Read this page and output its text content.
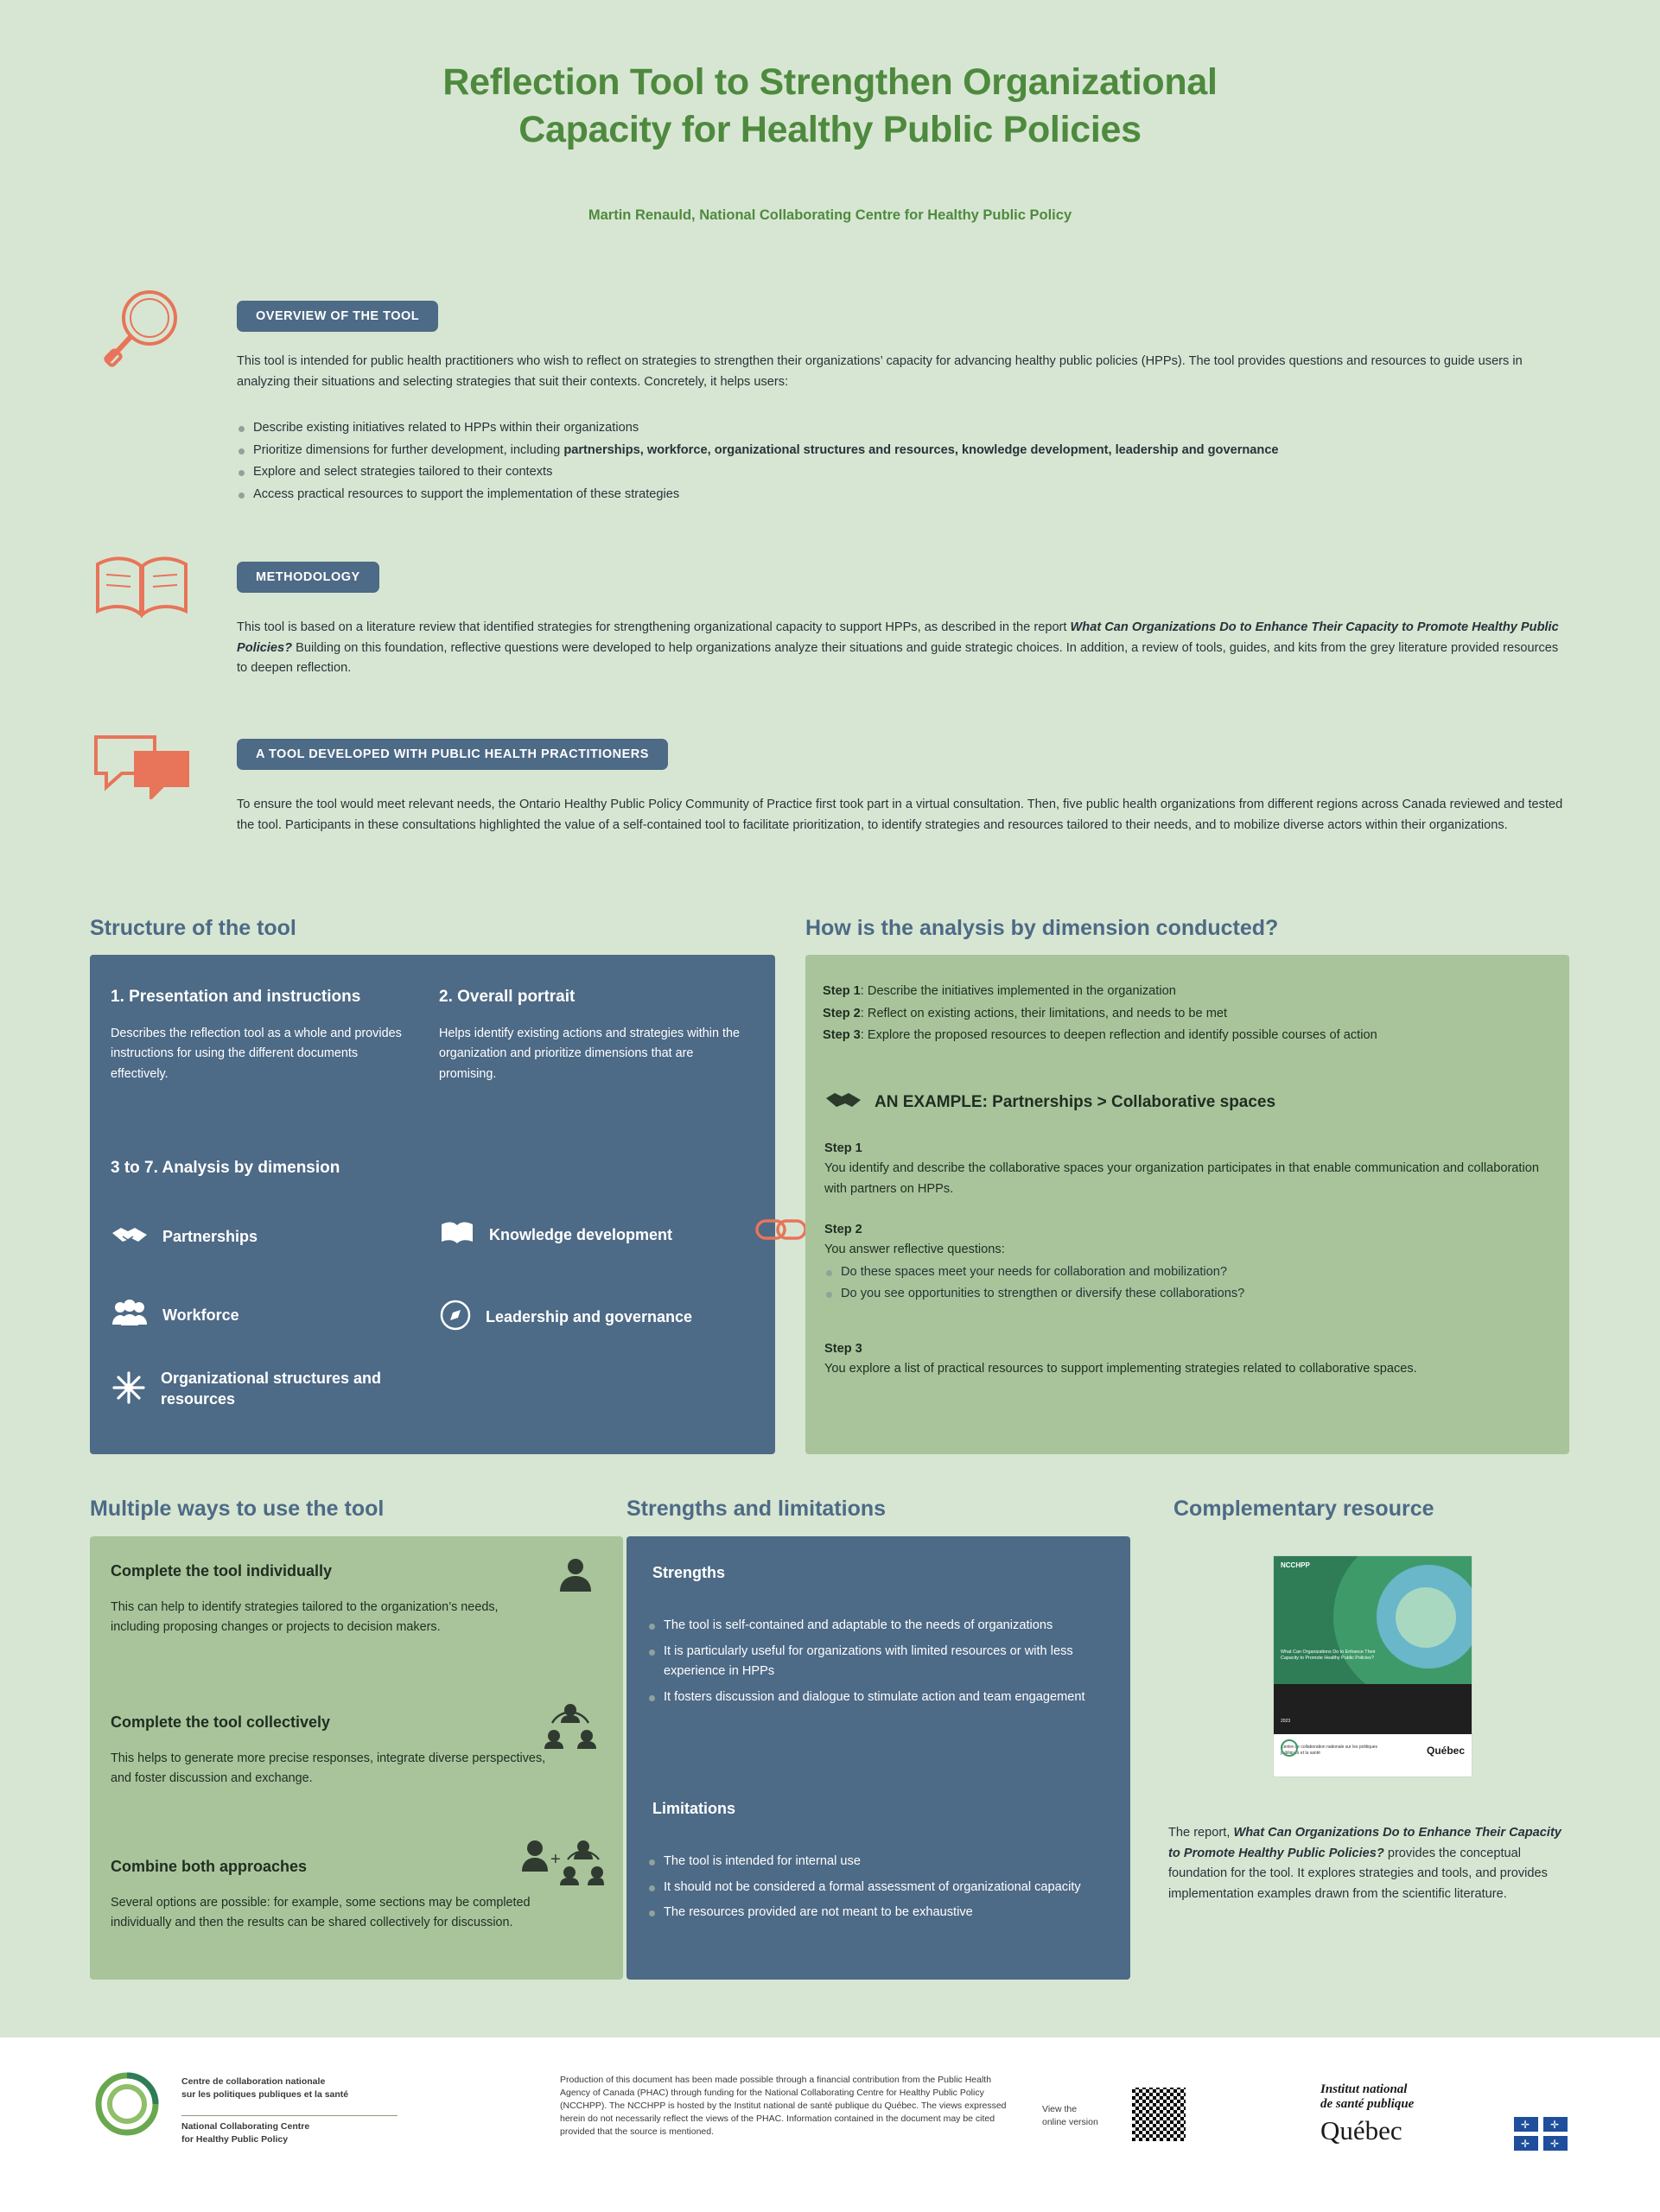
Reflection Tool to Strengthen Organizational
Capacity for Healthy Public Policies
Martin Renauld, National Collaborating Centre for Healthy Public Policy
OVERVIEW OF THE TOOL
This tool is intended for public health practitioners who wish to reflect on strategies to strengthen their organizations’ capacity for advancing healthy public policies (HPPs). The tool provides questions and resources to guide users in analyzing their situations and selecting strategies that suit their contexts. Concretely, it helps users:
Describe existing initiatives related to HPPs within their organizations
Prioritize dimensions for further development, including partnerships, workforce, organizational structures and resources, knowledge development, leadership and governance
Explore and select strategies tailored to their contexts
Access practical resources to support the implementation of these strategies
METHODOLOGY
This tool is based on a literature review that identified strategies for strengthening organizational capacity to support HPPs, as described in the report What Can Organizations Do to Enhance Their Capacity to Promote Healthy Public Policies? Building on this foundation, reflective questions were developed to help organizations analyze their situations and guide strategic choices. In addition, a review of tools, guides, and kits from the grey literature provided resources to deepen reflection.
A TOOL DEVELOPED WITH PUBLIC HEALTH PRACTITIONERS
To ensure the tool would meet relevant needs, the Ontario Healthy Public Policy Community of Practice first took part in a virtual consultation. Then, five public health organizations from different regions across Canada reviewed and tested the tool. Participants in these consultations highlighted the value of a self-contained tool to facilitate prioritization, to identify strategies and resources tailored to their needs, and to mobilize diverse actors within their organizations.
Structure of the tool
1. Presentation and instructions
Describes the reflection tool as a whole and provides instructions for using the different documents effectively.
2. Overall portrait
Helps identify existing actions and strategies within the organization and prioritize dimensions that are promising.
3 to 7. Analysis by dimension
Partnerships	Knowledge development
Workforce	Leadership and governance
Organizational structures and resources
How is the analysis by dimension conducted?
Step 1: Describe the initiatives implemented in the organization
Step 2: Reflect on existing actions, their limitations, and needs to be met
Step 3: Explore the proposed resources to deepen reflection and identify possible courses of action
AN EXAMPLE: Partnerships > Collaborative spaces
Step 1
You identify and describe the collaborative spaces your organization participates in that enable communication and collaboration with partners on HPPs.
Step 2
You answer reflective questions:
Do these spaces meet your needs for collaboration and mobilization?
Do you see opportunities to strengthen or diversify these collaborations?
Step 3
You explore a list of practical resources to support implementing strategies related to collaborative spaces.
Multiple ways to use the tool
Complete the tool individually
This can help to identify strategies tailored to the organization’s needs, including proposing changes or projects to decision makers.
Complete the tool collectively
This helps to generate more precise responses, integrate diverse perspectives, and foster discussion and exchange.
Combine both approaches
Several options are possible: for example, some sections may be completed individually and then the results can be shared collectively for discussion.
+
Strengths and limitations
Strengths
The tool is self-contained and adaptable to the needs of organizations
It is particularly useful for organizations with limited resources or with less experience in HPPs
It fosters discussion and dialogue to stimulate action and team engagement
Limitations
The tool is intended for internal use
It should not be considered a formal assessment of organizational capacity
The resources provided are not meant to be exhaustive
Complementary resource
NCCHPP
What Can Organizations Do to Enhance Their Capacity to Promote Healthy Public Policies?
2023
Centre de collaboration nationale sur les politiques publiques et la santé	Québec
The report, What Can Organizations Do to Enhance Their Capacity to Promote Healthy Public Policies? provides the conceptual foundation for the tool. It explores strategies and tools, and provides implementation examples drawn from the scientific literature.
Centre de collaboration nationale
sur les politiques publiques et la santé
National Collaborating Centre
for Healthy Public Policy
Production of this document has been made possible through a financial contribution from the Public Health Agency of Canada (PHAC) through funding for the National Collaborating Centre for Healthy Public Policy (NCCHPP). The NCCHPP is hosted by the Institut national de santé publique du Québec. The views expressed herein do not necessarily reflect the views of the PHAC. Information contained in the document may be cited provided that the source is mentioned.
View the
online version
Institut national
de santé publique
Québec	✛ ✛
✛ ✛
